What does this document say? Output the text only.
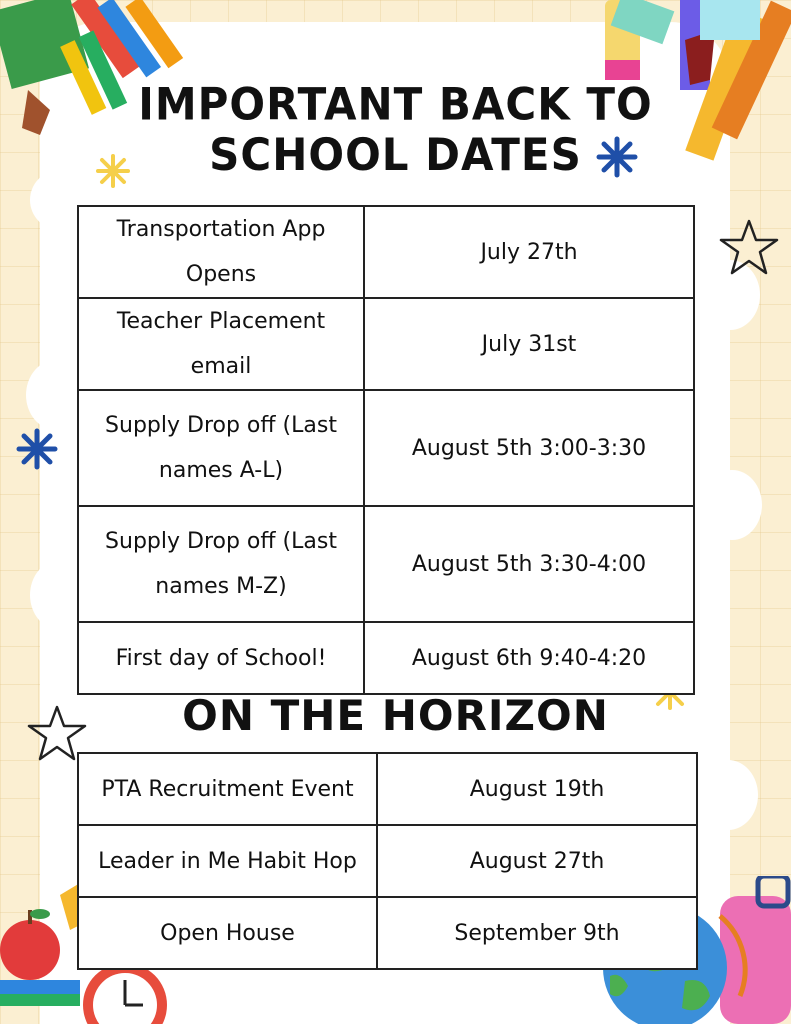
IMPORTANT BACK TO
SCHOOL DATES
Transportation App Opens	July 27th
Teacher Placement email	July 31st
Supply Drop off (Last names A-L)	August 5th 3:00-3:30
Supply Drop off (Last names M-Z)	August 5th 3:30-4:00
First day of School!	August 6th 9:40-4:20
ON THE HORIZON
PTA Recruitment Event	August 19th
Leader in Me Habit Hop	August 27th
Open House	September 9th
